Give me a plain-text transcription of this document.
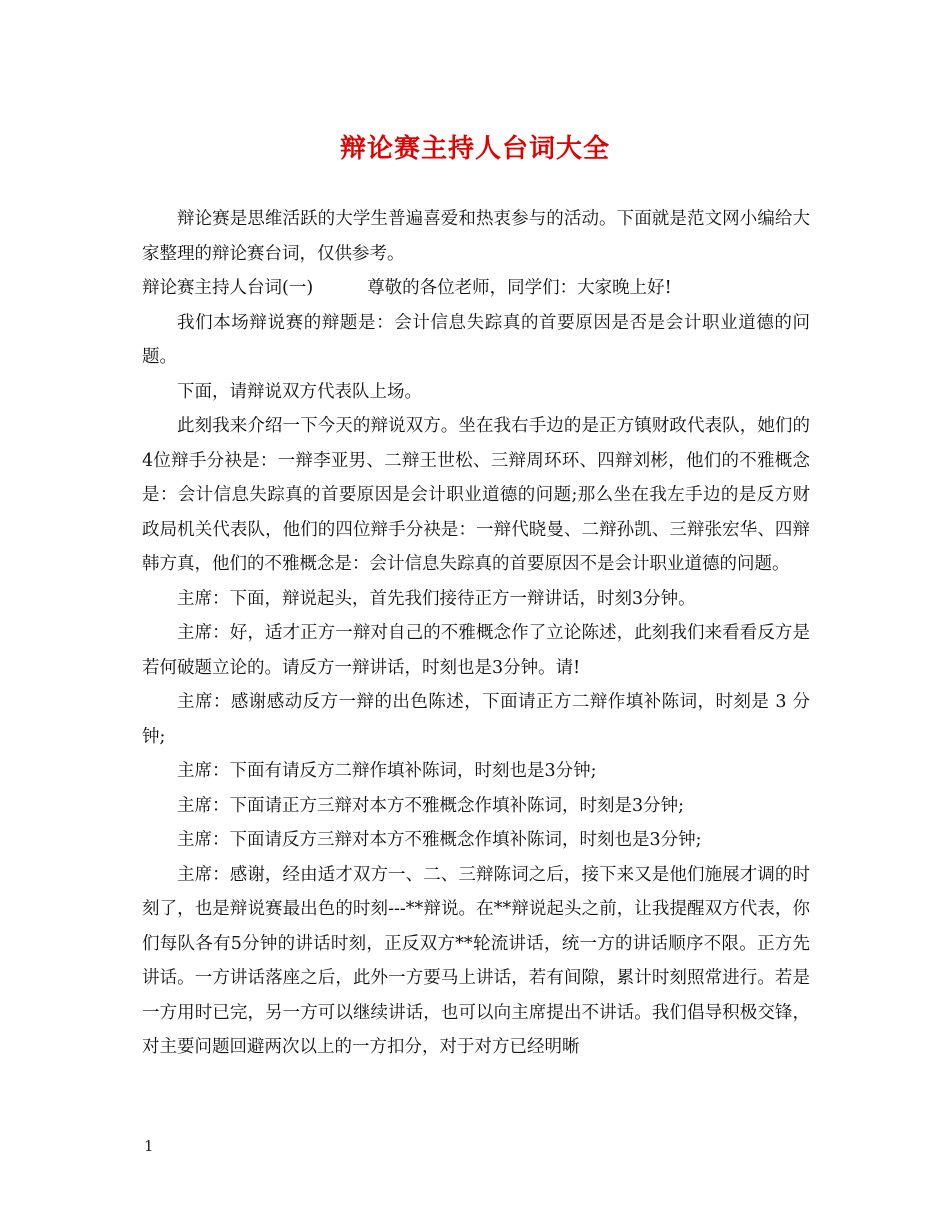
辩论赛主持人台词大全

辩论赛是思维活跃的大学生普遍喜爱和热衷参与的活动。下面就是范文网小编给大家整理的辩论赛台词，仅供参考。

辩论赛主持人台词(一)	尊敬的各位老师，同学们：大家晚上好!

我们本场辩说赛的辩题是：会计信息失踪真的首要原因是否是会计职业道德的问题。

下面，请辩说双方代表队上场。

此刻我来介绍一下今天的辩说双方。坐在我右手边的是正方镇财政代表队，她们的4位辩手分袂是：一辩李亚男、二辩王世松、三辩周环环、四辩刘彬，他们的不雅概念是：会计信息失踪真的首要原因是会计职业道德的问题;那么坐在我左手边的是反方财政局机关代表队，他们的四位辩手分袂是：一辩代晓曼、二辩孙凯、三辩张宏华、四辩韩方真，他们的不雅概念是：会计信息失踪真的首要原因不是会计职业道德的问题。

主席：下面，辩说起头，首先我们接待正方一辩讲话，时刻3分钟。

主席：好，适才正方一辩对自己的不雅概念作了立论陈述，此刻我们来看看反方是若何破题立论的。请反方一辩讲话，时刻也是3分钟。请!

主席：感谢感动反方一辩的出色陈述，下面请正方二辩作填补陈词，时刻是 3 分钟;

主席：下面有请反方二辩作填补陈词，时刻也是3分钟;

主席：下面请正方三辩对本方不雅概念作填补陈词，时刻是3分钟;

主席：下面请反方三辩对本方不雅概念作填补陈词，时刻也是3分钟;

主席：感谢，经由适才双方一、二、三辩陈词之后，接下来又是他们施展才调的时刻了，也是辩说赛最出色的时刻---**辩说。在**辩说起头之前，让我提醒双方代表，你们每队各有5分钟的讲话时刻，正反双方**轮流讲话，统一方的讲话顺序不限。正方先讲话。一方讲话落座之后，此外一方要马上讲话，若有间隙，累计时刻照常进行。若是一方用时已完，另一方可以继续讲话，也可以向主席提出不讲话。我们倡导积极交锋，对主要问题回避两次以上的一方扣分，对于对方已经明晰

1
